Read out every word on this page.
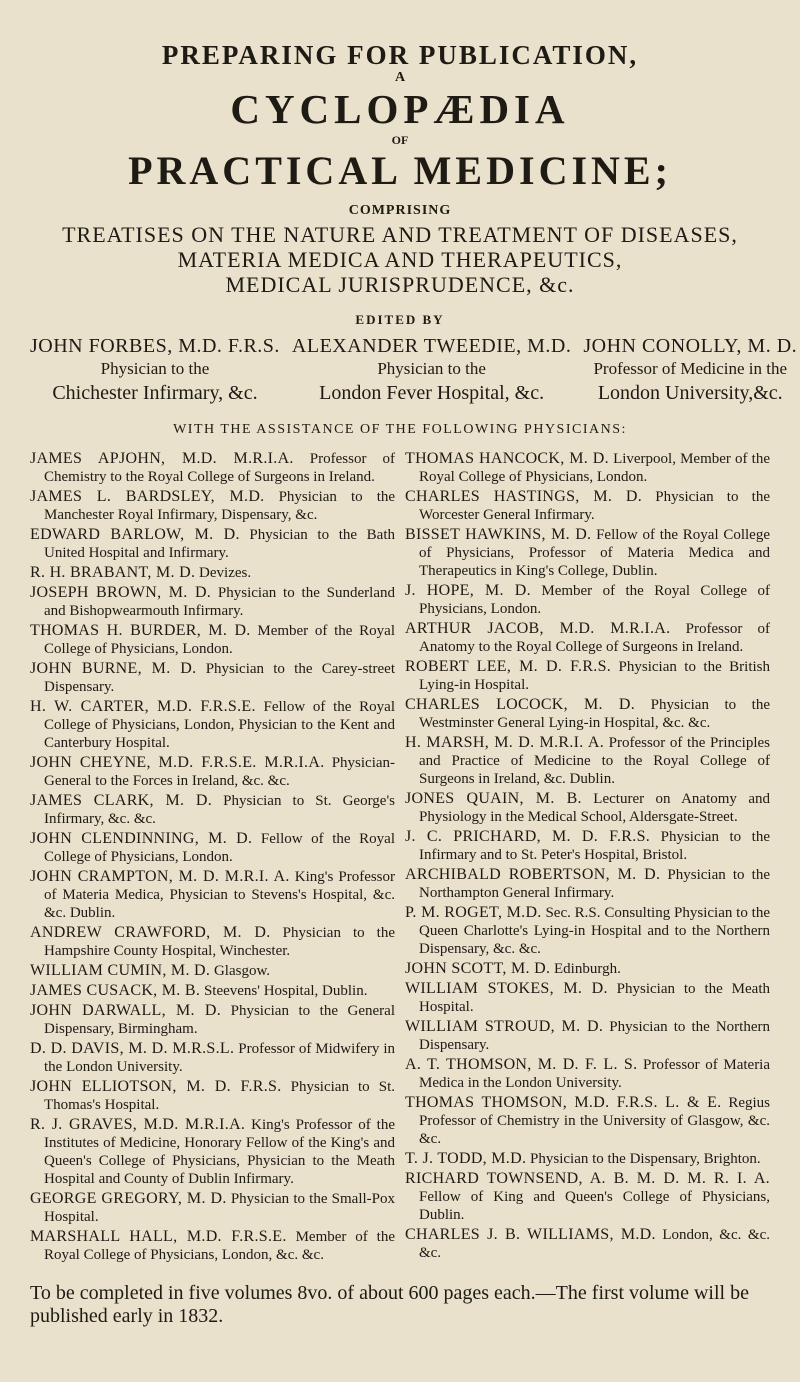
PREPARING FOR PUBLICATION,
A
CYCLOPÆDIA
OF
PRACTICAL MEDICINE;
COMPRISING
TREATISES ON THE NATURE AND TREATMENT OF DISEASES,
MATERIA MEDICA AND THERAPEUTICS,
MEDICAL JURISPRUDENCE, &c.
EDITED BY
JOHN FORBES, M.D. F.R.S.
Physician to the
Chichester Infirmary, &c.
ALEXANDER TWEEDIE, M.D.
Physician to the
London Fever Hospital, &c.
JOHN CONOLLY, M. D.
Professor of Medicine in the
London University,&c.
WITH THE ASSISTANCE OF THE FOLLOWING PHYSICIANS:

JAMES APJOHN, M.D. M.R.I.A. Professor of Chemistry to the Royal College of Surgeons in Ireland.

JAMES L. BARDSLEY, M.D. Physician to the Manchester Royal Infirmary, Dispensary, &c.

EDWARD BARLOW, M. D. Physician to the Bath United Hospital and Infirmary.

R. H. BRABANT, M. D. Devizes.

JOSEPH BROWN, M. D. Physician to the Sunderland and Bishopwearmouth Infirmary.

THOMAS H. BURDER, M. D. Member of the Royal College of Physicians, London.

JOHN BURNE, M. D. Physician to the Carey-street Dispensary.

H. W. CARTER, M.D. F.R.S.E. Fellow of the Royal College of Physicians, London, Physician to the Kent and Canterbury Hospital.

JOHN CHEYNE, M.D. F.R.S.E. M.R.I.A. Physician-General to the Forces in Ireland, &c. &c.

JAMES CLARK, M. D. Physician to St. George's Infirmary, &c. &c.

JOHN CLENDINNING, M. D. Fellow of the Royal College of Physicians, London.

JOHN CRAMPTON, M. D. M.R.I. A. King's Professor of Materia Medica, Physician to Stevens's Hospital, &c. &c. Dublin.

ANDREW CRAWFORD, M. D. Physician to the Hampshire County Hospital, Winchester.

WILLIAM CUMIN, M. D. Glasgow.

JAMES CUSACK, M. B. Steevens' Hospital, Dublin.

JOHN DARWALL, M. D. Physician to the General Dispensary, Birmingham.

D. D. DAVIS, M. D. M.R.S.L. Professor of Midwifery in the London University.

JOHN ELLIOTSON, M. D. F.R.S. Physician to St. Thomas's Hospital.

R. J. GRAVES, M.D. M.R.I.A. King's Professor of the Institutes of Medicine, Honorary Fellow of the King's and Queen's College of Physicians, Physician to the Meath Hospital and County of Dublin Infirmary.

GEORGE GREGORY, M. D. Physician to the Small-Pox Hospital.

MARSHALL HALL, M.D. F.R.S.E. Member of the Royal College of Physicians, London, &c. &c.

THOMAS HANCOCK, M. D. Liverpool, Member of the Royal College of Physicians, London.

CHARLES HASTINGS, M. D. Physician to the Worcester General Infirmary.

BISSET HAWKINS, M. D. Fellow of the Royal College of Physicians, Professor of Materia Medica and Therapeutics in King's College, Dublin.

J. HOPE, M. D. Member of the Royal College of Physicians, London.

ARTHUR JACOB, M.D. M.R.I.A. Professor of Anatomy to the Royal College of Surgeons in Ireland.

ROBERT LEE, M. D. F.R.S. Physician to the British Lying-in Hospital.

CHARLES LOCOCK, M. D. Physician to the Westminster General Lying-in Hospital, &c. &c.

H. MARSH, M. D. M.R.I. A. Professor of the Principles and Practice of Medicine to the Royal College of Surgeons in Ireland, &c. Dublin.

JONES QUAIN, M. B. Lecturer on Anatomy and Physiology in the Medical School, Aldersgate-Street.

J. C. PRICHARD, M. D. F.R.S. Physician to the Infirmary and to St. Peter's Hospital, Bristol.

ARCHIBALD ROBERTSON, M. D. Physician to the Northampton General Infirmary.

P. M. ROGET, M.D. Sec. R.S. Consulting Physician to the Queen Charlotte's Lying-in Hospital and to the Northern Dispensary, &c. &c.

JOHN SCOTT, M. D. Edinburgh.

WILLIAM STOKES, M. D. Physician to the Meath Hospital.

WILLIAM STROUD, M. D. Physician to the Northern Dispensary.

A. T. THOMSON, M. D. F. L. S. Professor of Materia Medica in the London University.

THOMAS THOMSON, M.D. F.R.S. L. & E. Regius Professor of Chemistry in the University of Glasgow, &c. &c.

T. J. TODD, M.D. Physician to the Dispensary, Brighton.

RICHARD TOWNSEND, A. B. M. D. M. R. I. A. Fellow of King and Queen's College of Physicians, Dublin.

CHARLES J. B. WILLIAMS, M.D. London, &c. &c. &c.

To be completed in five volumes 8vo. of about 600 pages each.—The first volume will be published early in 1832.
